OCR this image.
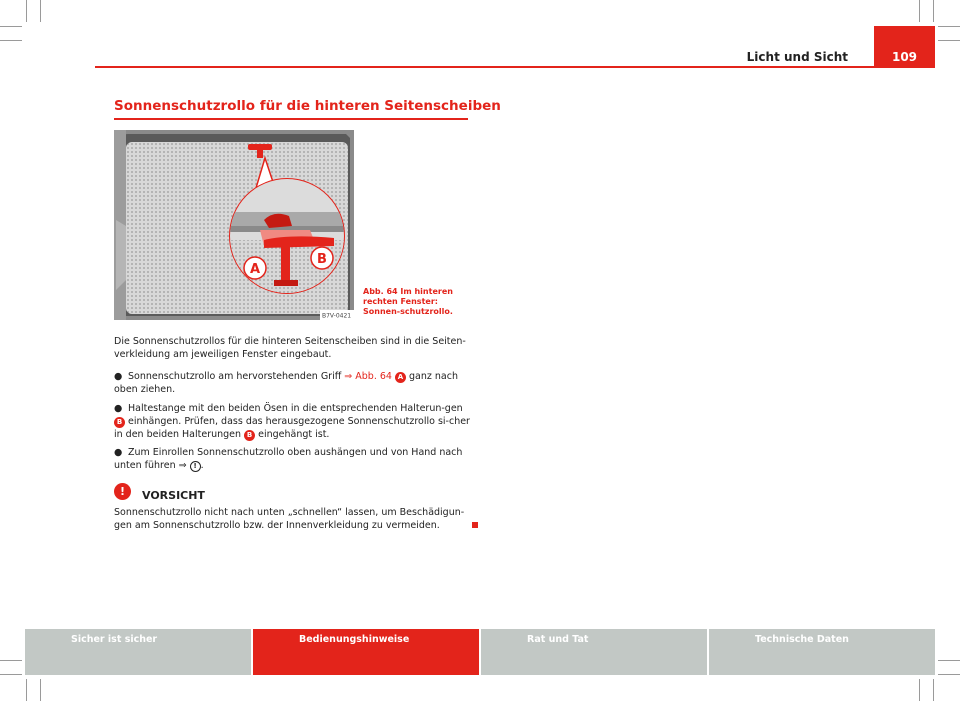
Licht und Sicht	109
Sonnenschutzrollo für die hinteren Seitenscheiben
A
B
B7V-0421
Abb. 64 Im hinteren rechten Fenster: Sonnen-schutzrollo.
Die Sonnenschutzrollos für die hinteren Seitenscheiben sind in die Seiten-verkleidung am jeweiligen Fenster eingebaut.
● Sonnenschutzrollo am hervorstehenden Griff ⇒ Abb. 64 A ganz nach oben ziehen.
● Haltestange mit den beiden Ösen in die entsprechenden Halterun-gen B einhängen. Prüfen, dass das herausgezogene Sonnenschutzrollo si-cher in den beiden Halterungen B eingehängt ist.
● Zum Einrollen Sonnenschutzrollo oben aushängen und von Hand nach unten führen ⇒ ! .
!	VORSICHT
Sonnenschutzrollo nicht nach unten „schnellen“ lassen, um Beschädigun-gen am Sonnenschutzrollo bzw. der Innenverkleidung zu vermeiden.
Sicher ist sicher	Bedienungshinweise	Rat und Tat	Technische Daten
